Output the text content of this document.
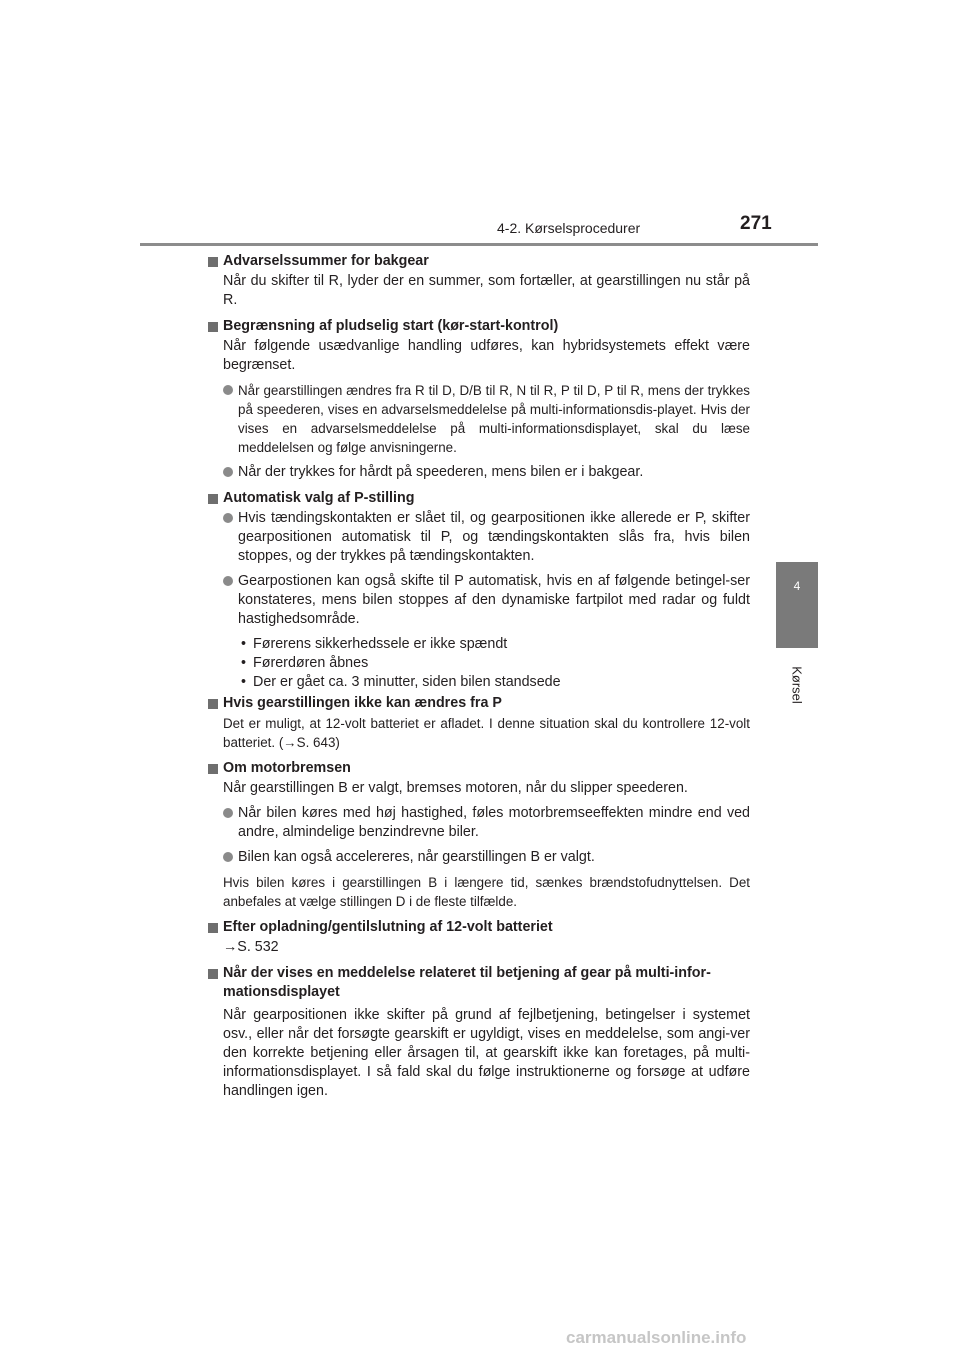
4-2. Kørselsprocedurer	271
4
Kørsel
Advarselssummer for bakgear
Når du skifter til R, lyder der en summer, som fortæller, at gearstillingen nu står på R.
Begrænsning af pludselig start (kør-start-kontrol)
Når følgende usædvanlige handling udføres, kan hybridsystemets effekt være begrænset.
Når gearstillingen ændres fra R til D, D/B til R, N til R, P til D, P til R, mens der trykkes på speederen, vises en advarselsmeddelelse på multi-informationsdis-playet. Hvis der vises en advarselsmeddelelse på multi-informationsdisplayet, skal du læse meddelelsen og følge anvisningerne.
Når der trykkes for hårdt på speederen, mens bilen er i bakgear.
Automatisk valg af P-stilling
Hvis tændingskontakten er slået til, og gearpositionen ikke allerede er P, skifter gearpositionen automatisk til P, og tændingskontakten slås fra, hvis bilen stoppes, og der trykkes på tændingskontakten.
Gearpostionen kan også skifte til P automatisk, hvis en af følgende betingel-ser konstateres, mens bilen stoppes af den dynamiske fartpilot med radar og fuldt hastighedsområde.
• Førerens sikkerhedssele er ikke spændt
• Førerdøren åbnes
• Der er gået ca. 3 minutter, siden bilen standsede
Hvis gearstillingen ikke kan ændres fra P
Det er muligt, at 12-volt batteriet er afladet. I denne situation skal du kontrollere 12-volt batteriet. (→S. 643)
Om motorbremsen
Når gearstillingen B er valgt, bremses motoren, når du slipper speederen.
Når bilen køres med høj hastighed, føles motorbremseeffekten mindre end ved andre, almindelige benzindrevne biler.
Bilen kan også accelereres, når gearstillingen B er valgt.
Hvis bilen køres i gearstillingen B i længere tid, sænkes brændstofudnyttelsen. Det anbefales at vælge stillingen D i de fleste tilfælde.
Efter opladning/gentilslutning af 12-volt batteriet
→S. 532
Når der vises en meddelelse relateret til betjening af gear på multi-infor-mationsdisplayet
Når gearpositionen ikke skifter på grund af fejlbetjening, betingelser i systemet osv., eller når det forsøgte gearskift er ugyldigt, vises en meddelelse, som angi-ver den korrekte betjening eller årsagen til, at gearskift ikke kan foretages, på multi-informationsdisplayet. I så fald skal du følge instruktionerne og forsøge at udføre handlingen igen.
carmanualsonline.info
